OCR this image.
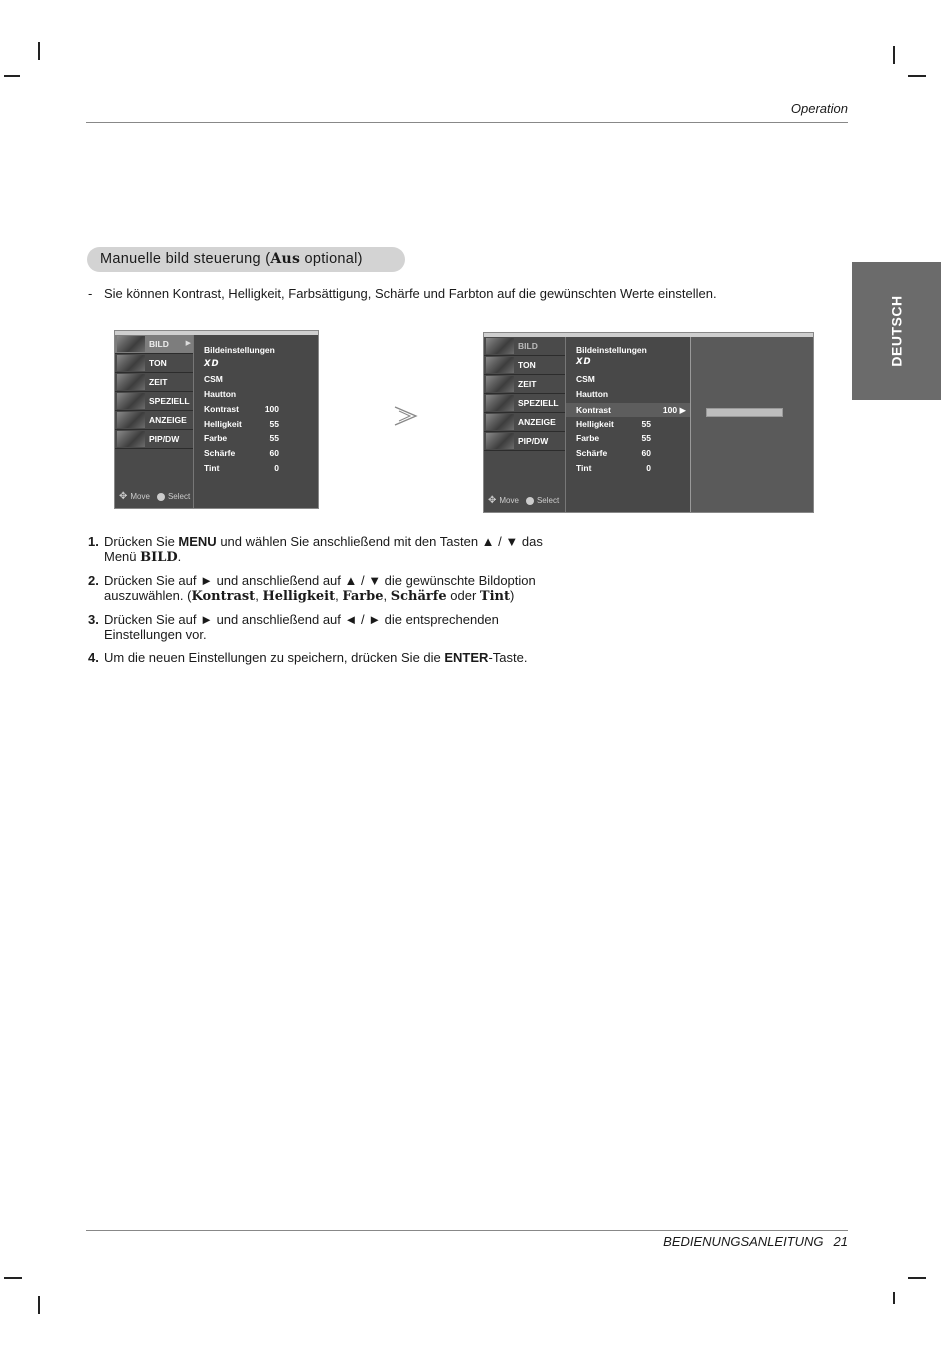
Operation
DEUTSCH
Manuelle bild steuerung (Aus optional)
- Sie können Kontrast, Helligkeit, Farbsättigung, Schärfe und Farbton auf die gewünschten Werte einstellen.
BILD ▶
TON
ZEIT
SPEZIELL
ANZEIGE
PIP/DW
✥ Move Select
Bildeinstellungen
XD
CSM
Hautton
Kontrast	100
Helligkeit	55
Farbe	55
Schärfe	60
Tint	0
BILD
TON
ZEIT
SPEZIELL
ANZEIGE
PIP/DW
✥ Move Select
Bildeinstellungen
XD
CSM
Hautton
Kontrast	100 ▶
Helligkeit	55
Farbe	55
Schärfe	60
Tint	0
1. Drücken Sie MENU und wählen Sie anschließend mit den Tasten ▲ / ▼ das Menü BILD.
2. Drücken Sie auf ► und anschließend auf ▲ / ▼ die gewünschte Bildoption auszuwählen. (Kontrast, Helligkeit, Farbe, Schärfe oder Tint)
3. Drücken Sie auf ► und anschließend auf ◄ / ► die entsprechenden Einstellungen vor.
4. Um die neuen Einstellungen zu speichern, drücken Sie die ENTER-Taste.
BEDIENUNGSANLEITUNG 21
